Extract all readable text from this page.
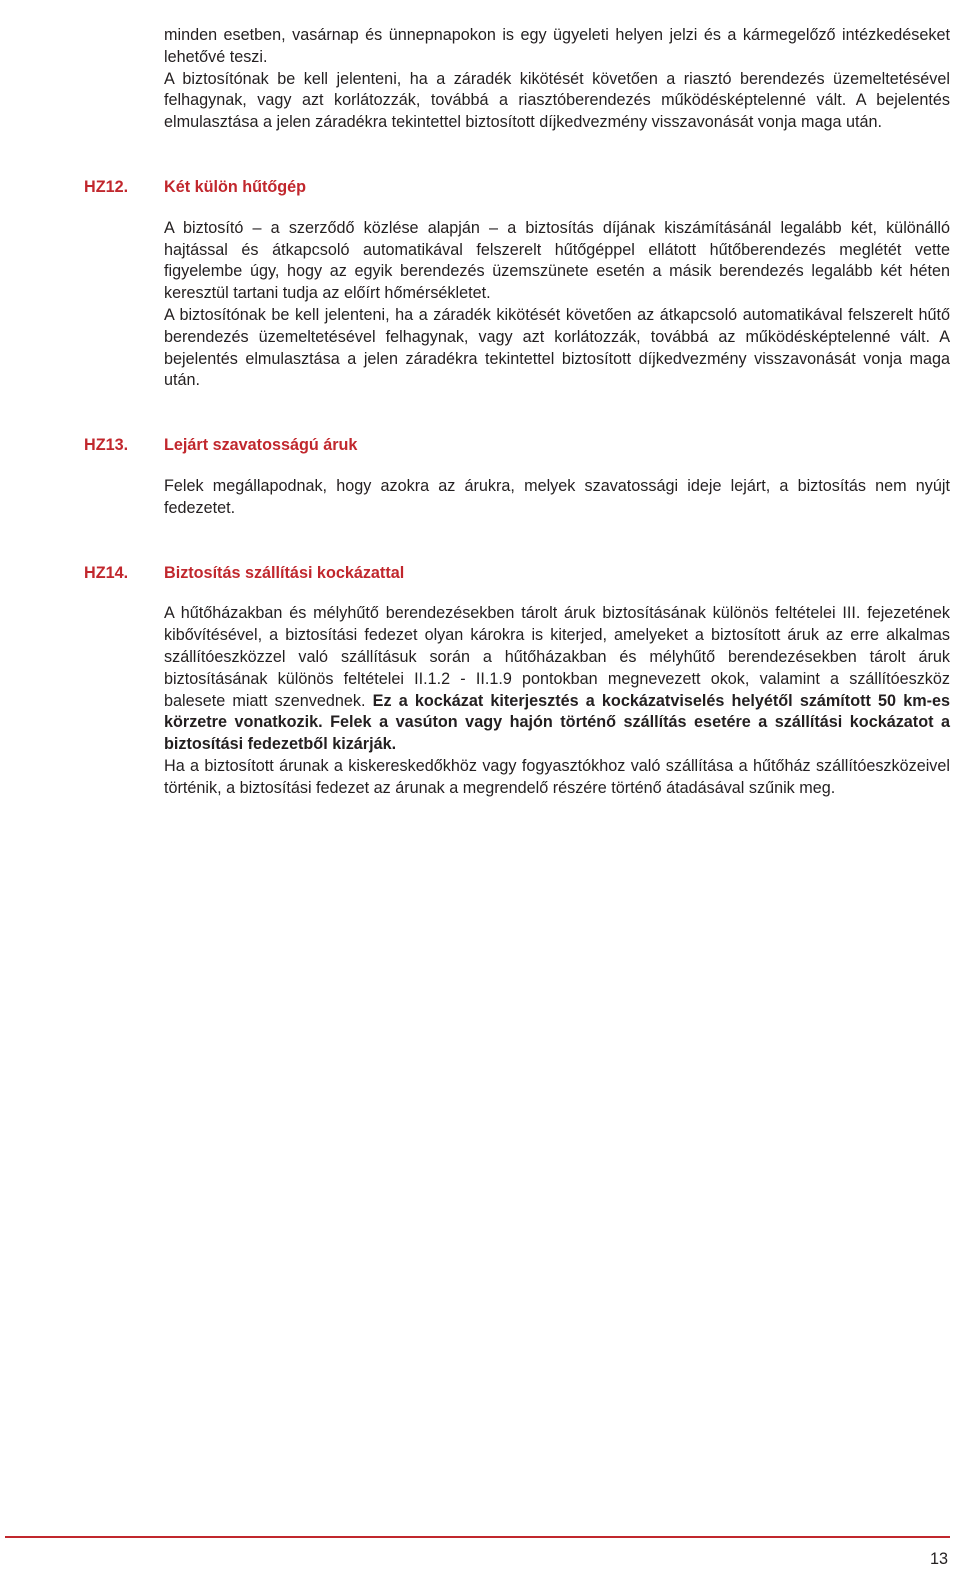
minden esetben, vasárnap és ünnepnapokon is egy ügyeleti helyen jelzi és a kármegelőző intézkedéseket lehetővé teszi.

A biztosítónak be kell jelenteni, ha a záradék kikötését követően a riasztó berendezés üzemeltetésével felhagynak, vagy azt korlátozzák, továbbá a riasztóberendezés működésképtelenné vált. A bejelentés elmulasztása a jelen záradékra tekintettel biztosított díjkedvezmény visszavonását vonja maga után.

HZ12. Két külön hűtőgép

A biztosító – a szerződő közlése alapján – a biztosítás díjának kiszámításánál legalább két, különálló hajtással és átkapcsoló automatikával felszerelt hűtőgéppel ellátott hűtőberendezés meglétét vette figyelembe úgy, hogy az egyik berendezés üzemszünete esetén a másik berendezés legalább két héten keresztül tartani tudja az előírt hőmérsékletet.

A biztosítónak be kell jelenteni, ha a záradék kikötését követően az átkapcsoló automatikával felszerelt hűtő berendezés üzemeltetésével felhagynak, vagy azt korlátozzák, továbbá az működésképtelenné vált. A bejelentés elmulasztása a jelen záradékra tekintettel biztosított díjkedvezmény visszavonását vonja maga után.

HZ13. Lejárt szavatosságú áruk

Felek megállapodnak, hogy azokra az árukra, melyek szavatossági ideje lejárt, a biztosítás nem nyújt fedezetet.

HZ14. Biztosítás szállítási kockázattal

A hűtőházakban és mélyhűtő berendezésekben tárolt áruk biztosításának különös feltételei III. fejezetének kibővítésével, a biztosítási fedezet olyan károkra is kiterjed, amelyeket a biztosított áruk az erre alkalmas szállítóeszközzel való szállításuk során a hűtőházakban és mélyhűtő berendezésekben tárolt áruk biztosításának különös feltételei II.1.2 - II.1.9 pontokban megnevezett okok, valamint a szállítóeszköz balesete miatt szenvednek. Ez a kockázat kiterjesztés a kockázatviselés helyétől számított 50 km-es körzetre vonatkozik. Felek a vasúton vagy hajón történő szállítás esetére a szállítási kockázatot a biztosítási fedezetből kizárják.

Ha a biztosított árunak a kiskereskedőkhöz vagy fogyasztókhoz való szállítása a hűtőház szállítóeszközeivel történik, a biztosítási fedezet az árunak a megrendelő részére történő átadásával szűnik meg.

13
